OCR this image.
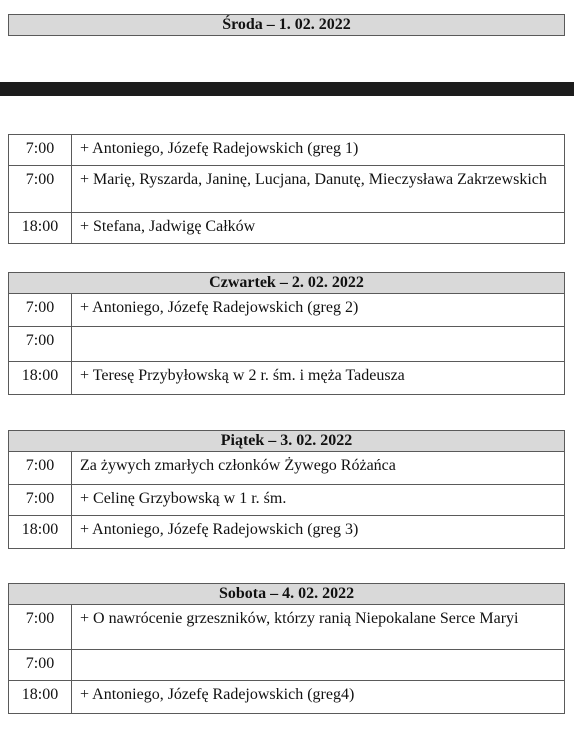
Środa – 1. 02. 2022
7:00	+ Antoniego, Józefę Radejowskich (greg 1)

7:00	+ Marię, Ryszarda, Janinę, Lucjana, Danutę, Mieczysława Zakrzewskich

18:00	+ Stefana, Jadwigę Całków
Czwartek – 2. 02. 2022
7:00	+ Antoniego, Józefę Radejowskich (greg 2)

7:00	

18:00	+ Teresę Przybyłowską w 2 r. śm. i męża Tadeusza
Piątek – 3. 02. 2022
7:00	Za żywych zmarłych członków Żywego Różańca

7:00	+ Celinę Grzybowską w 1 r. śm.

18:00	+ Antoniego, Józefę Radejowskich (greg 3)
Sobota – 4. 02. 2022
7:00	+ O nawrócenie grzeszników, którzy ranią Niepokalane Serce Maryi

7:00	

18:00	+ Antoniego, Józefę Radejowskich (greg4)
